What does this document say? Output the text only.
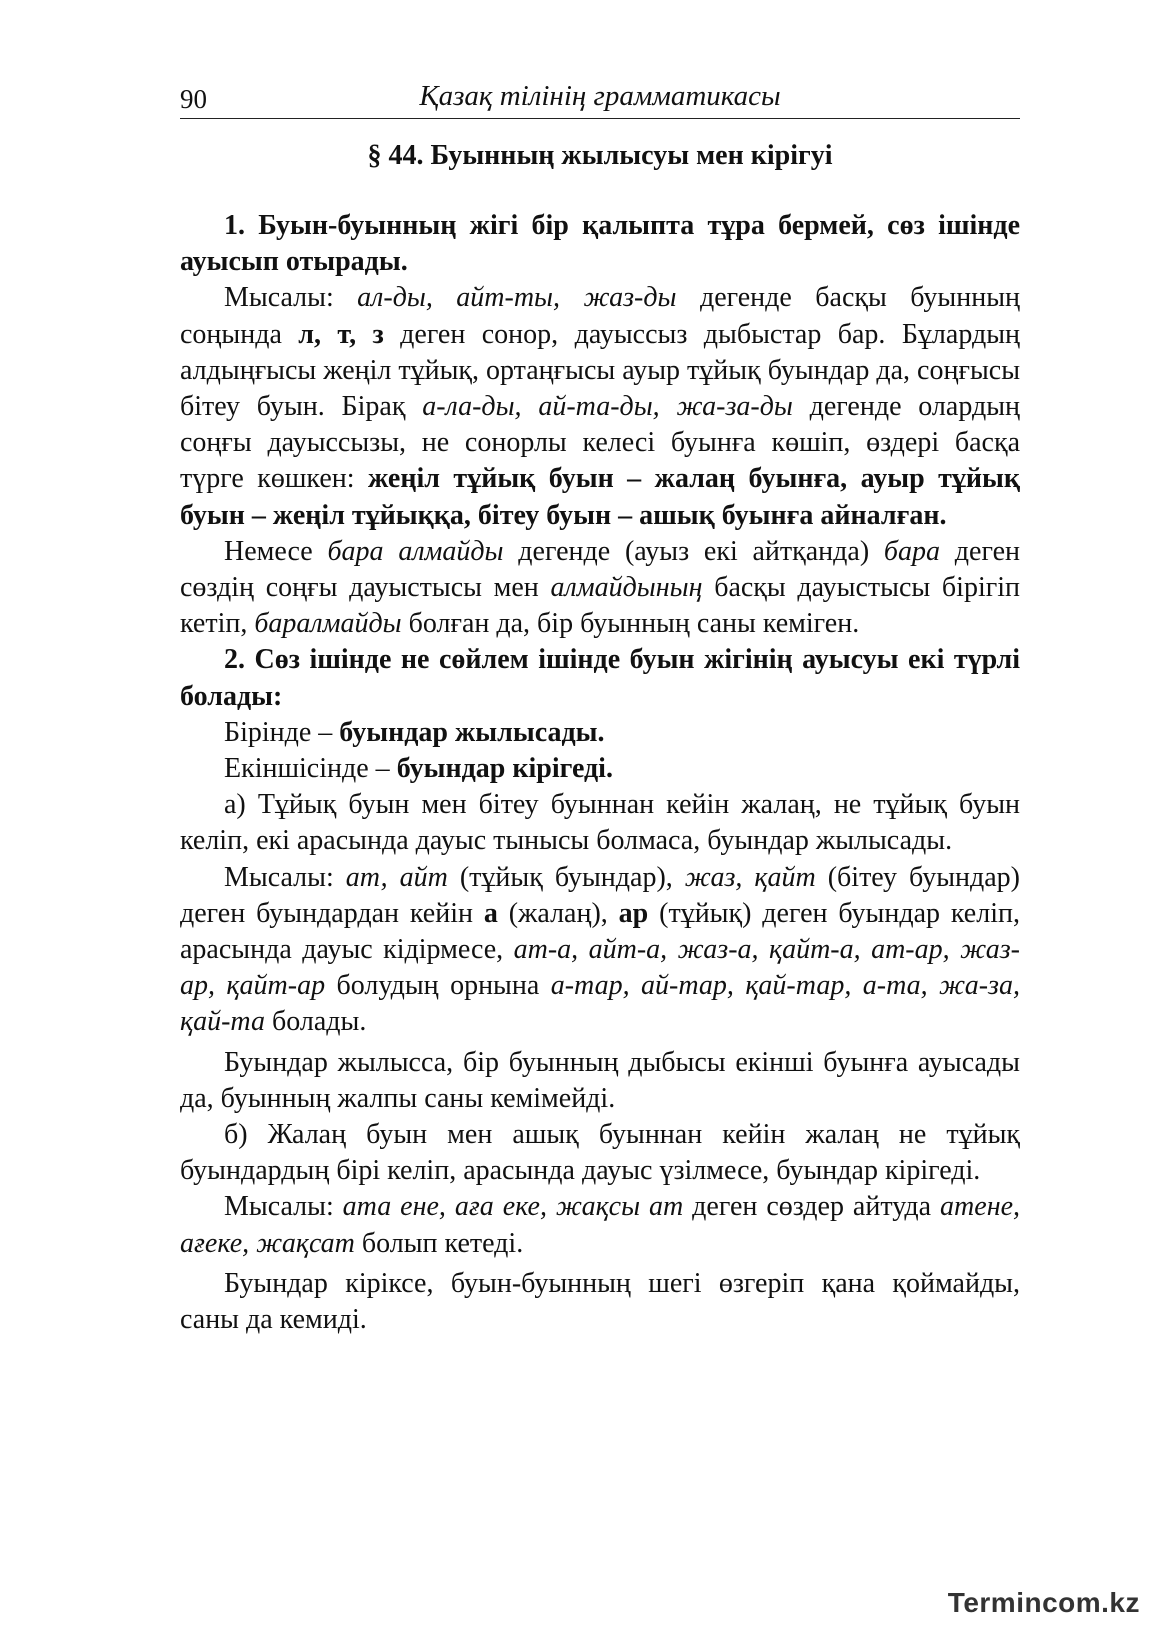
90	Қазақ тілінің грамматикасы
§ 44. Буынның жылысуы мен кірігуі

1. Буын-буынның жігі бір қалыпта тұра бермей, сөз ішінде ауысып отырады.

Мысалы: ал-ды, айт-ты, жаз-ды дегенде басқы буынның соңында л, т, з деген сонор, дауыссыз дыбыстар бар. Бұлардың алдыңғысы жеңіл тұйық, ортаңғысы ауыр тұйық буындар да, соңғысы бітеу буын. Бірақ а-ла-ды, ай-та-ды, жа-за-ды дегенде олардың соңғы дауыссызы, не сонорлы келесі буынға көшіп, өздері басқа түрге көшкен: жеңіл тұйық буын – жалаң буынға, ауыр тұйық буын – жеңіл тұйыққа, бітеу буын – ашық буынға айналған.

Немесе бара алмайды дегенде (ауыз екі айтқанда) бара деген сөздің соңғы дауыстысы мен алмайдының басқы дауыстысы бірігіп кетіп, баралмайды болған да, бір буынның саны кеміген.

2. Сөз ішінде не сөйлем ішінде буын жігінің ауысуы екі түрлі болады:

Бірінде – буындар жылысады.

Екіншісінде – буындар кірігеді.

а) Тұйық буын мен бітеу буыннан кейін жалаң, не тұйық буын келіп, екі арасында дауыс тынысы болмаса, буындар жылысады.

Мысалы: ат, айт (тұйық буындар), жаз, қайт (бітеу буындар) деген буындардан кейін а (жалаң), ар (тұйық) деген буындар келіп, арасында дауыс кідірмесе, ат-а, айт-а, жаз-а, қайт-а, ат-ар, жаз-ар, қайт-ар болудың орнына а-тар, ай-тар, қай-тар, а-та, жа-за, қай-та болады.

Буындар жылысса, бір буынның дыбысы екінші буынға ауысады да, буынның жалпы саны кемімейді.

б) Жалаң буын мен ашық буыннан кейін жалаң не тұйық буындардың бірі келіп, арасында дауыс үзілмесе, буындар кірігеді.

Мысалы: ата ене, аға еке, жақсы ат деген сөздер айтуда атене, ағеке, жақсат болып кетеді.

Буындар кіріксе, буын-буынның шегі өзгеріп қана қоймайды, саны да кемиді.

Termincom.kz
